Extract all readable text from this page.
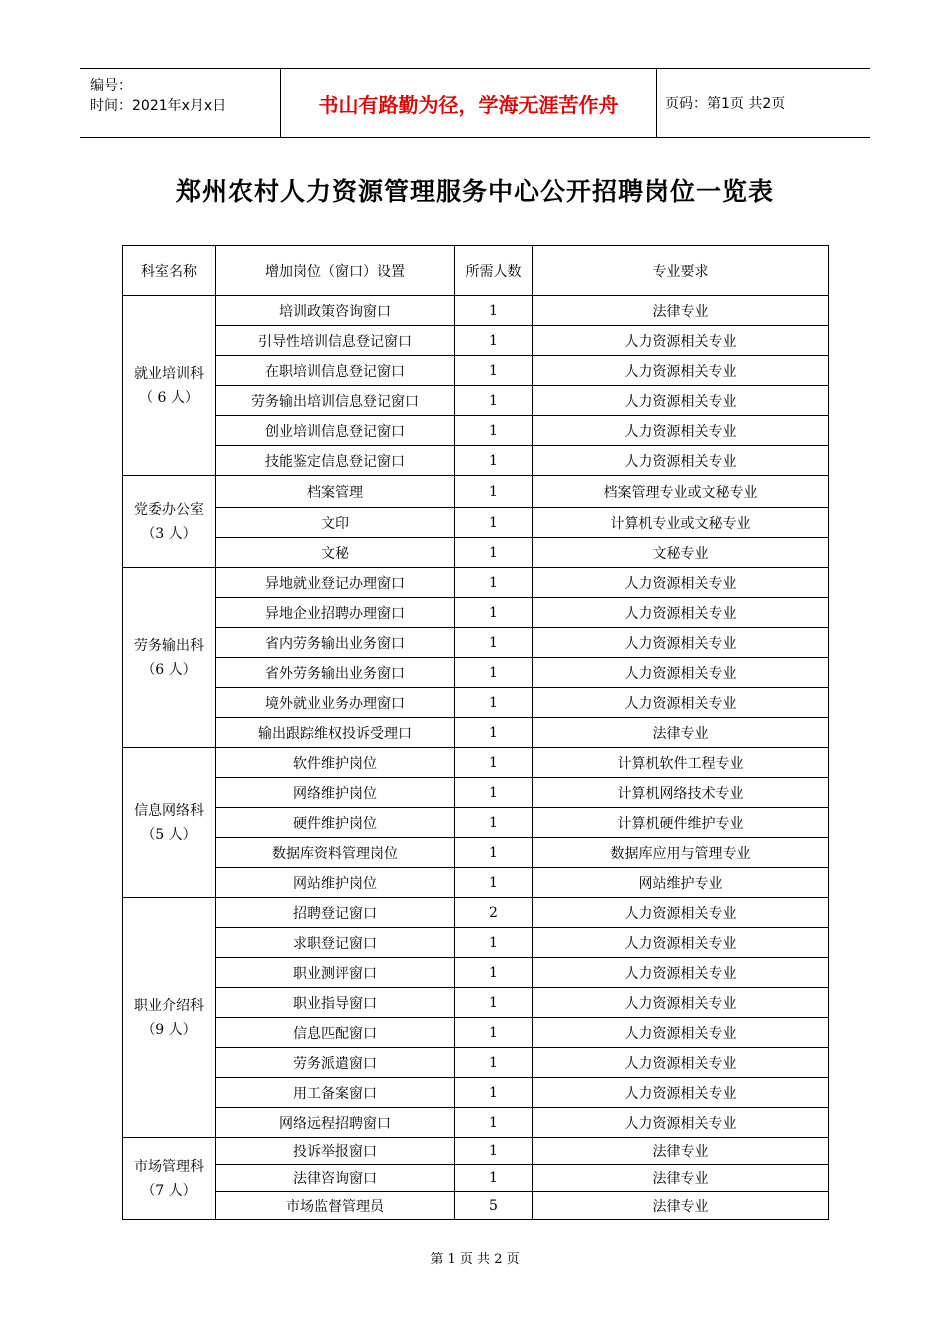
编号：
时间：2021年x月x日	书山有路勤为径，学海无涯苦作舟	页码：第1页 共2页
郑州农村人力资源管理服务中心公开招聘岗位一览表
科室名称	增加岗位（窗口）设置	所需人数	专业要求

就业培训科
（ 6 人）	培训政策咨询窗口	1	法律专业
	引导性培训信息登记窗口	1	人力资源相关专业
	在职培训信息登记窗口	1	人力资源相关专业
	劳务输出培训信息登记窗口	1	人力资源相关专业
	创业培训信息登记窗口	1	人力资源相关专业
	技能鉴定信息登记窗口	1	人力资源相关专业

党委办公室
（3 人）	档案管理	1	档案管理专业或文秘专业
	文印	1	计算机专业或文秘专业
	文秘	1	文秘专业

劳务输出科
（6 人）	异地就业登记办理窗口	1	人力资源相关专业
	异地企业招聘办理窗口	1	人力资源相关专业
	省内劳务输出业务窗口	1	人力资源相关专业
	省外劳务输出业务窗口	1	人力资源相关专业
	境外就业业务办理窗口	1	人力资源相关专业
	输出跟踪维权投诉受理口	1	法律专业

信息网络科
（5 人）	软件维护岗位	1	计算机软件工程专业
	网络维护岗位	1	计算机网络技术专业
	硬件维护岗位	1	计算机硬件维护专业
	数据库资料管理岗位	1	数据库应用与管理专业
	网站维护岗位	1	网站维护专业

职业介绍科
（9 人）	招聘登记窗口	2	人力资源相关专业
	求职登记窗口	1	人力资源相关专业
	职业测评窗口	1	人力资源相关专业
	职业指导窗口	1	人力资源相关专业
	信息匹配窗口	1	人力资源相关专业
	劳务派遣窗口	1	人力资源相关专业
	用工备案窗口	1	人力资源相关专业
	网络远程招聘窗口	1	人力资源相关专业

市场管理科
（7 人）	投诉举报窗口	1	法律专业
	法律咨询窗口	1	法律专业
	市场监督管理员	5	法律专业
第 1 页 共 2 页
